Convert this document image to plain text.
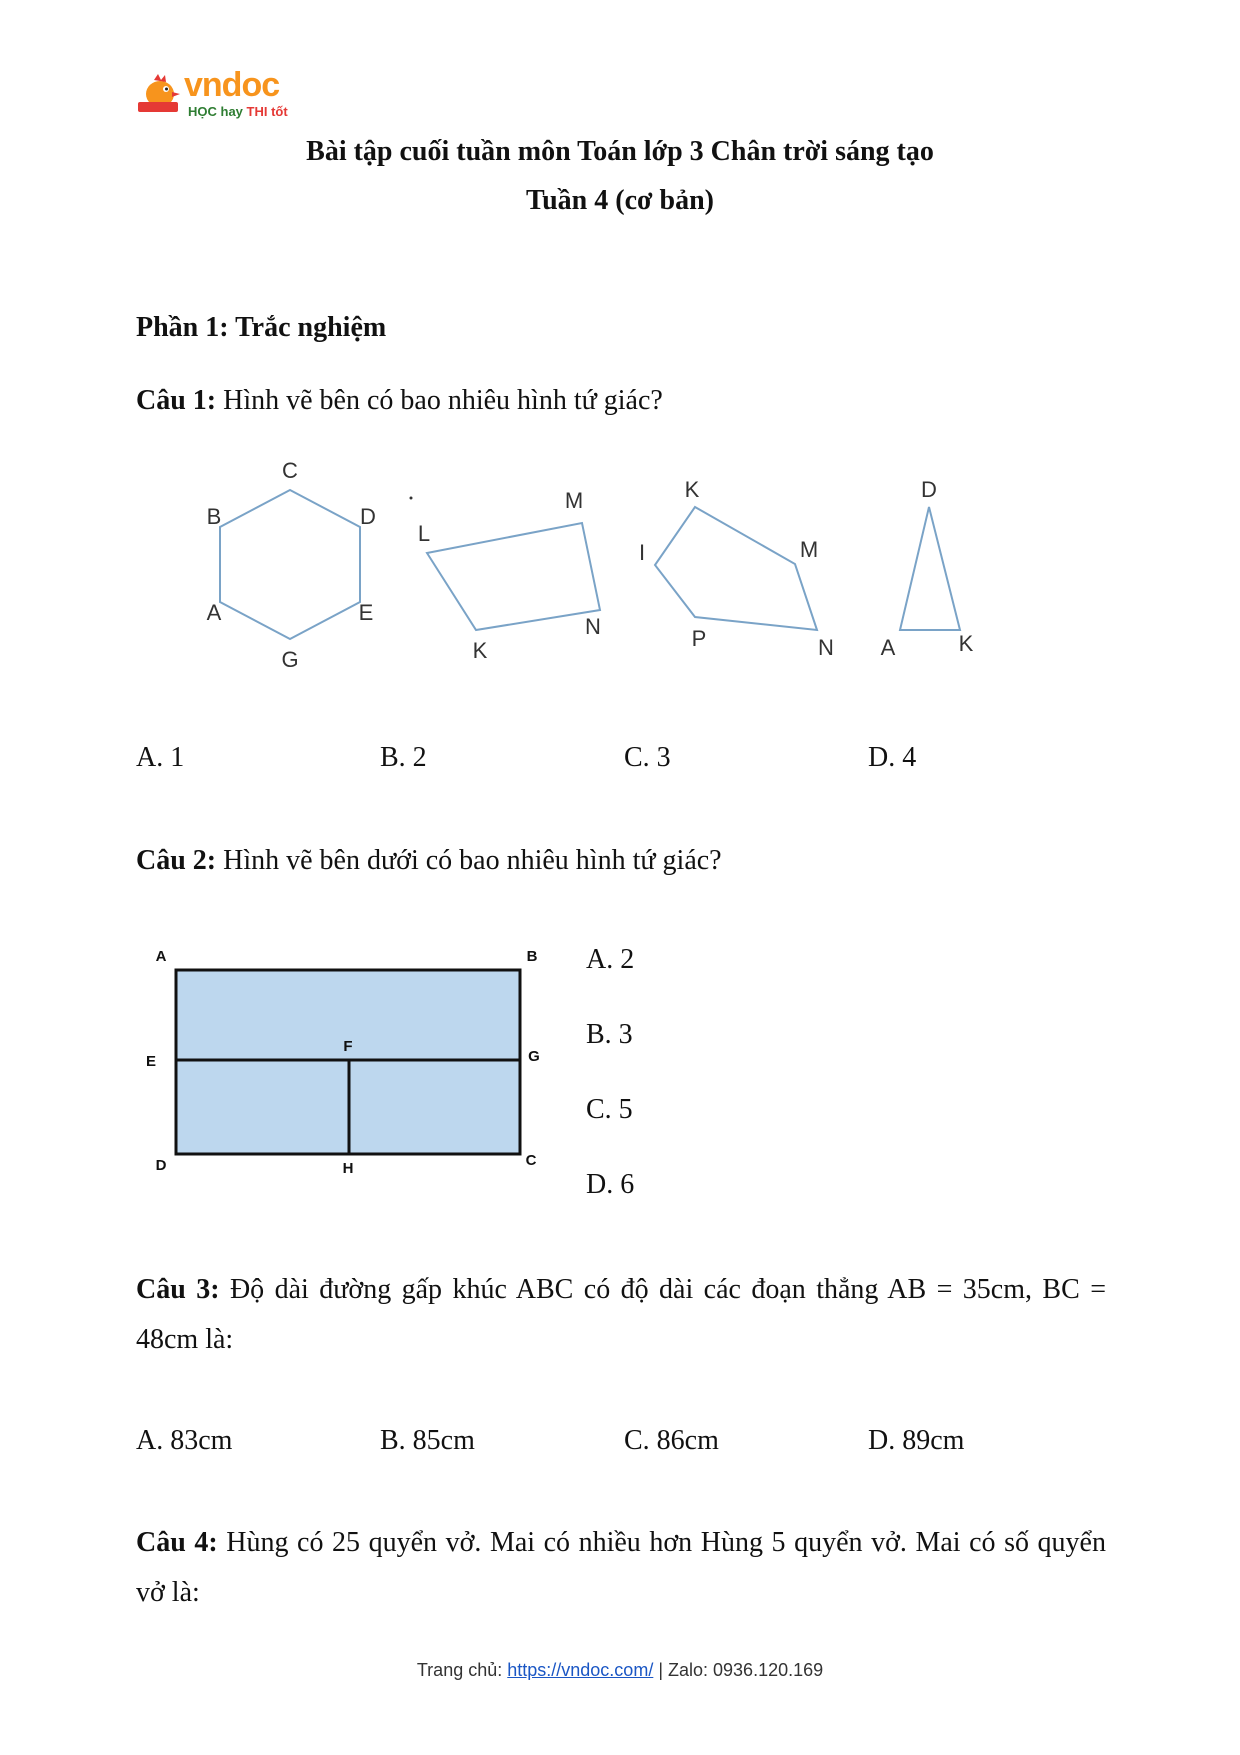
vndoc
HỌC hay THI tốt
Bài tập cuối tuần môn Toán lớp 3 Chân trời sáng tạo
Tuần 4 (cơ bản)
Phần 1: Trắc nghiệm
Câu 1: Hình vẽ bên có bao nhiêu hình tứ giác?
C
B	D
A	E
G
M
L
N
K
K
I	M
P	N
D
A	K
A. 1	B. 2	C. 3	D. 4
Câu 2: Hình vẽ bên dưới có bao nhiêu hình tứ giác?
A	B
E
F
G
D	H	C
A. 2
B. 3
C. 5
D. 6
Câu 3: Độ dài đường gấp khúc ABC có độ dài các đoạn thẳng AB = 35cm, BC = 48cm là:
A. 83cm	B. 85cm	C. 86cm	D. 89cm
Câu 4: Hùng có 25 quyển vở. Mai có nhiều hơn Hùng 5 quyển vở. Mai có số quyển vở là:
Trang chủ: https://vndoc.com/ | Zalo: 0936.120.169
